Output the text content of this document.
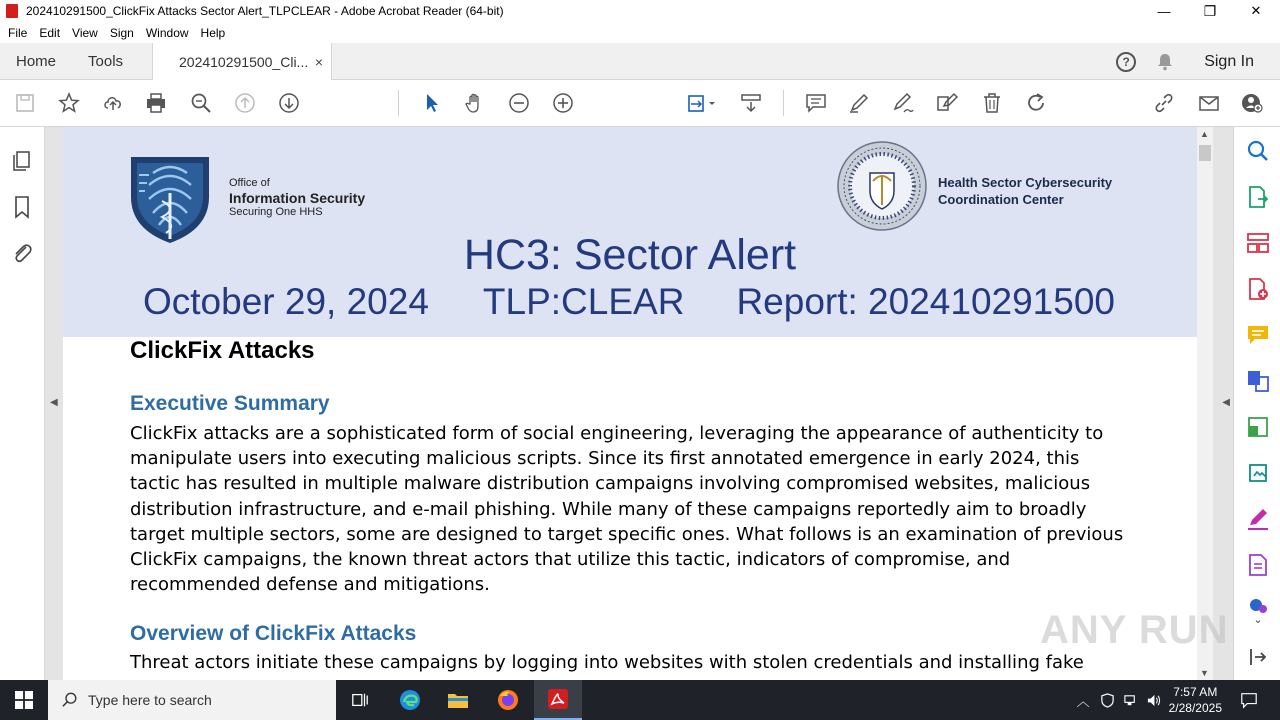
202410291500_ClickFix Attacks Sector Alert_TLPCLEAR - Adobe Acrobat Reader (64-bit)	—	❐	✕
File Edit View Sign Window Help
Home	Tools	202410291500_Cli... ×	?	Sign In
◀
Office of
Information Security
Securing One HHS
Health Sector Cybersecurity
Coordination Center
HC3: Sector Alert
October 29, 2024 TLP:CLEAR Report: 202410291500
ClickFix Attacks
Executive Summary
ClickFix attacks are a sophisticated form of social engineering, leveraging the appearance of authenticity to manipulate users into executing malicious scripts. Since its first annotated emergence in early 2024, this tactic has resulted in multiple malware distribution campaigns involving compromised websites, malicious distribution infrastructure, and e-mail phishing. While many of these campaigns reportedly aim to broadly target multiple sectors, some are designed to target specific ones. What follows is an examination of previous ClickFix campaigns, the known threat actors that utilize this tactic, indicators of compromise, and recommended defense and mitigations.
Overview of ClickFix Attacks
Threat actors initiate these campaigns by logging into websites with stolen credentials and installing fake
▲
▼
◀
⌄
ANY RUN
Type here to search	︿
7:57 AM
2/28/2025
